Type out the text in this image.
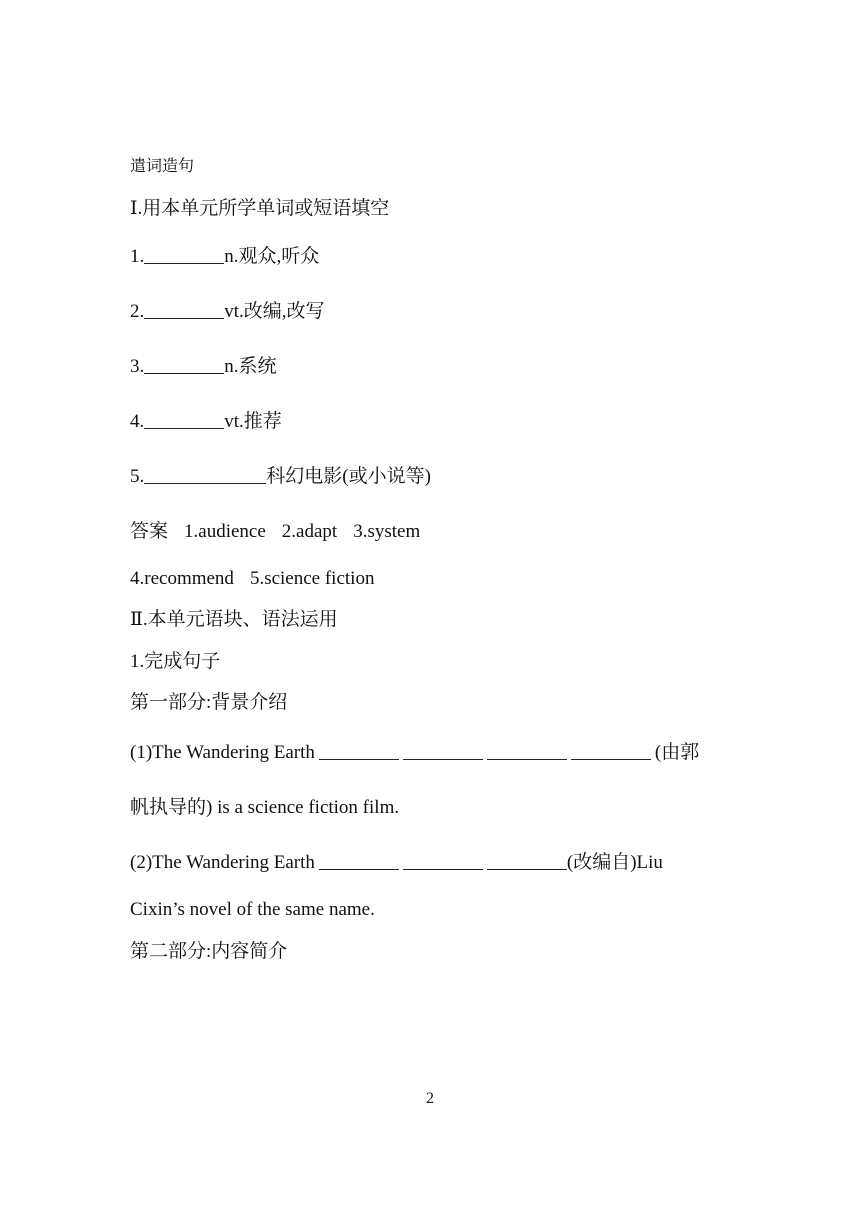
遣词造句
Ⅰ.用本单元所学单词或短语填空
1.	n.观众,听众
2.	vt.改编,改写
3.	n.系统
4.	vt.推荐
5.	科幻电影(或小说等)
答案 1.audience 2.adapt 3.system
4.recommend 5.science fiction
Ⅱ.本单元语块、语法运用
1.完成句子
第一部分:背景介绍
(1)The Wandering Earth	(由郭
帆执导的) is a science fiction film.
(2)The Wandering Earth	(改编自)Liu
Cixin’s novel of the same name.
第二部分:内容简介
2
